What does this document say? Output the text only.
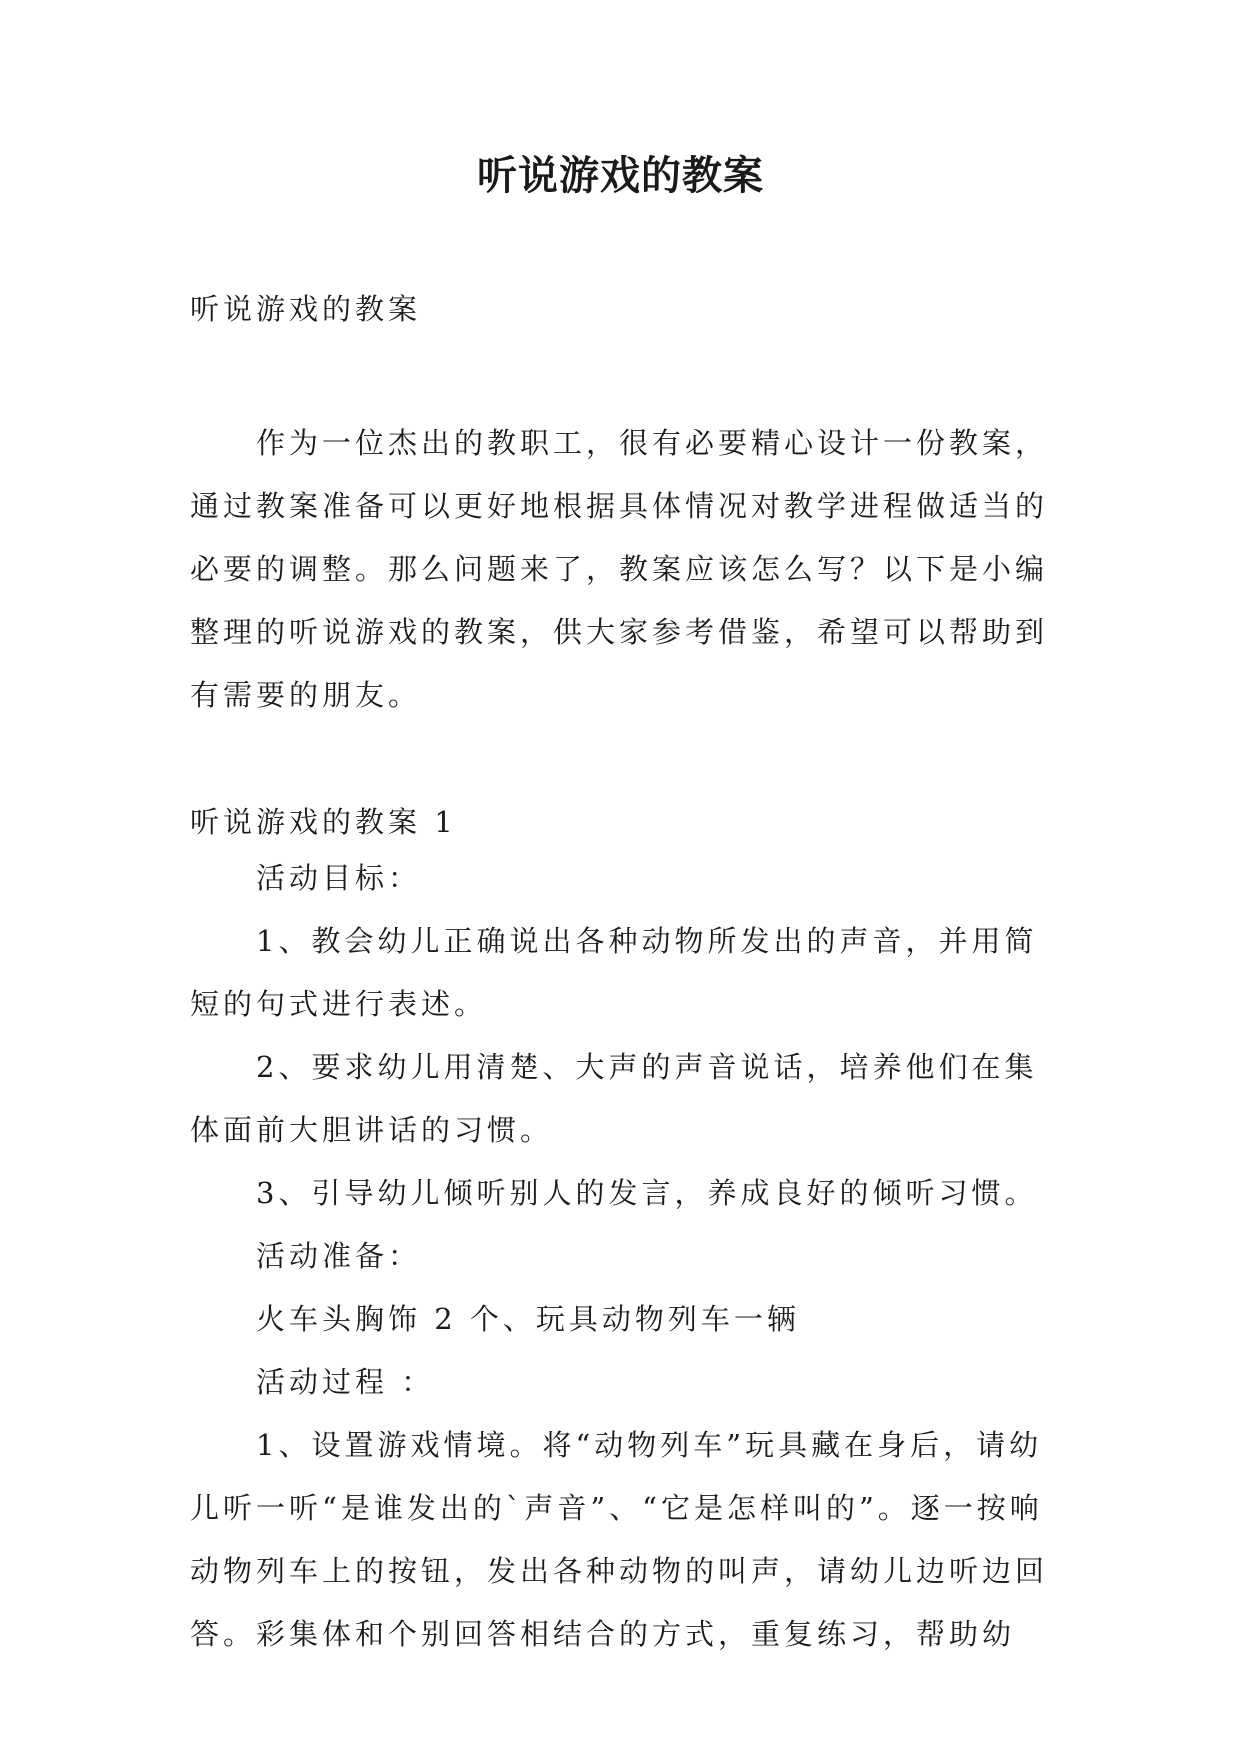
听说游戏的教案

听说游戏的教案

作为一位杰出的教职工，很有必要精心设计一份教案，通过教案准备可以更好地根据具体情况对教学进程做适当的必要的调整。那么问题来了，教案应该怎么写？以下是小编整理的听说游戏的教案，供大家参考借鉴，希望可以帮助到有需要的朋友。

听说游戏的教案 1

活动目标：

1、教会幼儿正确说出各种动物所发出的声音，并用简短的句式进行表述。

2、要求幼儿用清楚、大声的声音说话，培养他们在集体面前大胆讲话的习惯。

3、引导幼儿倾听别人的发言，养成良好的倾听习惯。

活动准备：

火车头胸饰 2 个、玩具动物列车一辆

活动过程 ：

1、设置游戏情境。将“动物列车”玩具藏在身后，请幼儿听一听“是谁发出的`声音”、“它是怎样叫的”。逐一按响动物列车上的按钮，发出各种动物的叫声，请幼儿边听边回答。彩集体和个别回答相结合的方式，重复练习，帮助幼
